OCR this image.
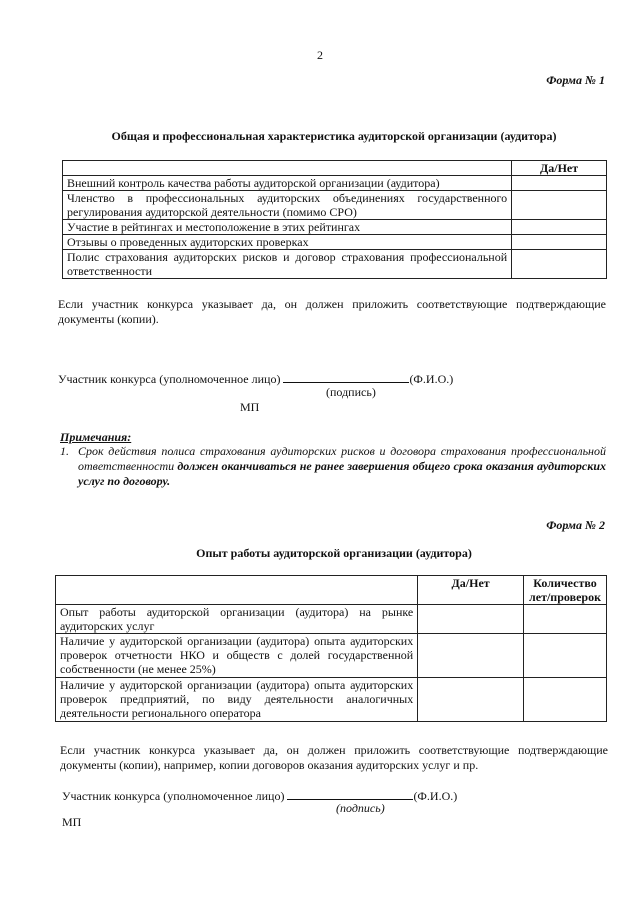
2
Форма № 1
Общая и профессиональная характеристика аудиторской организации (аудитора)
	Да/Нет
Внешний контроль качества работы аудиторской организации (аудитора)	
Членство в профессиональных аудиторских объединениях государственного регулирования аудиторской деятельности (помимо СРО)	
Участие в рейтингах и местоположение в этих рейтингах	
Отзывы о проведенных аудиторских проверках	
Полис страхования аудиторских рисков и договор страхования профессиональной ответственности	
Если участник конкурса указывает да, он должен приложить соответствующие подтверждающие документы (копии).
Участник конкурса (уполномоченное лицо)	(Ф.И.О.)
(подпись)
МП
Примечания:
1. Срок действия полиса страхования аудиторских рисков и договора страхования профессиональной ответственности должен оканчиваться не ранее завершения общего срока оказания аудиторских услуг по договору.
Форма № 2
Опыт работы аудиторской организации (аудитора)
	Да/Нет	Количество лет/проверок
Опыт работы аудиторской организации (аудитора) на рынке аудиторских услуг		
Наличие у аудиторской организации (аудитора) опыта аудиторских проверок отчетности НКО и обществ с долей государственной собственности (не менее 25%)		
Наличие у аудиторской организации (аудитора) опыта аудиторских проверок предприятий, по виду деятельности аналогичных деятельности регионального оператора		
Если участник конкурса указывает да, он должен приложить соответствующие подтверждающие документы (копии), например, копии договоров оказания аудиторских услуг и пр.
Участник конкурса (уполномоченное лицо)	(Ф.И.О.)
(подпись)
МП
